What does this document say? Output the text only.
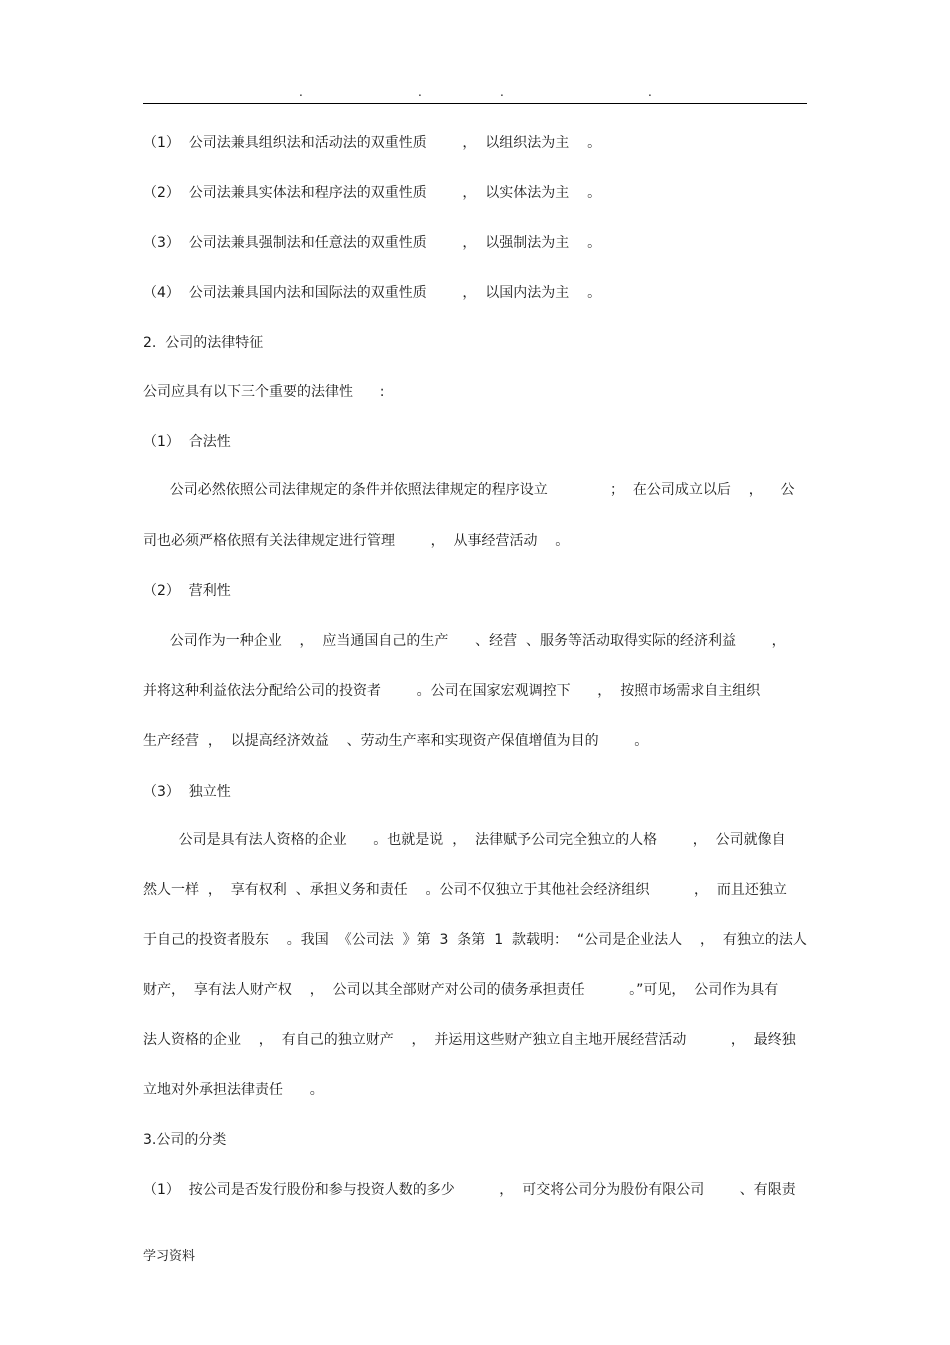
.	.	.	.
（1）  公司法兼具组织法和活动法的双重性质        ，  以组织法为主    。
（2）  公司法兼具实体法和程序法的双重性质        ，  以实体法为主    。
（3）  公司法兼具强制法和任意法的双重性质        ，  以强制法为主    。
（4）  公司法兼具国内法和国际法的双重性质        ，  以国内法为主    。
2.  公司的法律特征
公司应具有以下三个重要的法律性      :
（1）  合法性
公司必然依照公司法律规定的条件并依照法律规定的程序设立              ；  在公司成立以后    ，    公
司也必须严格依照有关法律规定进行管理        ，  从事经营活动    。
（2）  营利性
公司作为一种企业    ，  应当通国自己的生产      、经营  、服务等活动取得实际的经济利益        ，
并将这种利益依法分配给公司的投资者        。公司在国家宏观调控下      ，  按照市场需求自主组织
生产经营  ，  以提高经济效益    、劳动生产率和实现资产保值增值为目的        。
（3）  独立性
公司是具有法人资格的企业      。也就是说  ，  法律赋予公司完全独立的人格        ，  公司就像自
然人一样  ，  享有权利  、承担义务和责任    。公司不仅独立于其他社会经济组织          ，  而且还独立
于自己的投资者股东    。我国  《公司法  》第  3  条第  1  款载明：  “公司是企业法人    ，  有独立的法人
财产，  享有法人财产权    ，  公司以其全部财产对公司的债务承担责任          。”可见，  公司作为具有
法人资格的企业    ，  有自己的独立财产    ，  并运用这些财产独立自主地开展经营活动          ，  最终独
立地对外承担法律责任      。
3.公司的分类
（1）  按公司是否发行股份和参与投资人数的多少          ，  可交将公司分为股份有限公司        、有限责
学习资料
